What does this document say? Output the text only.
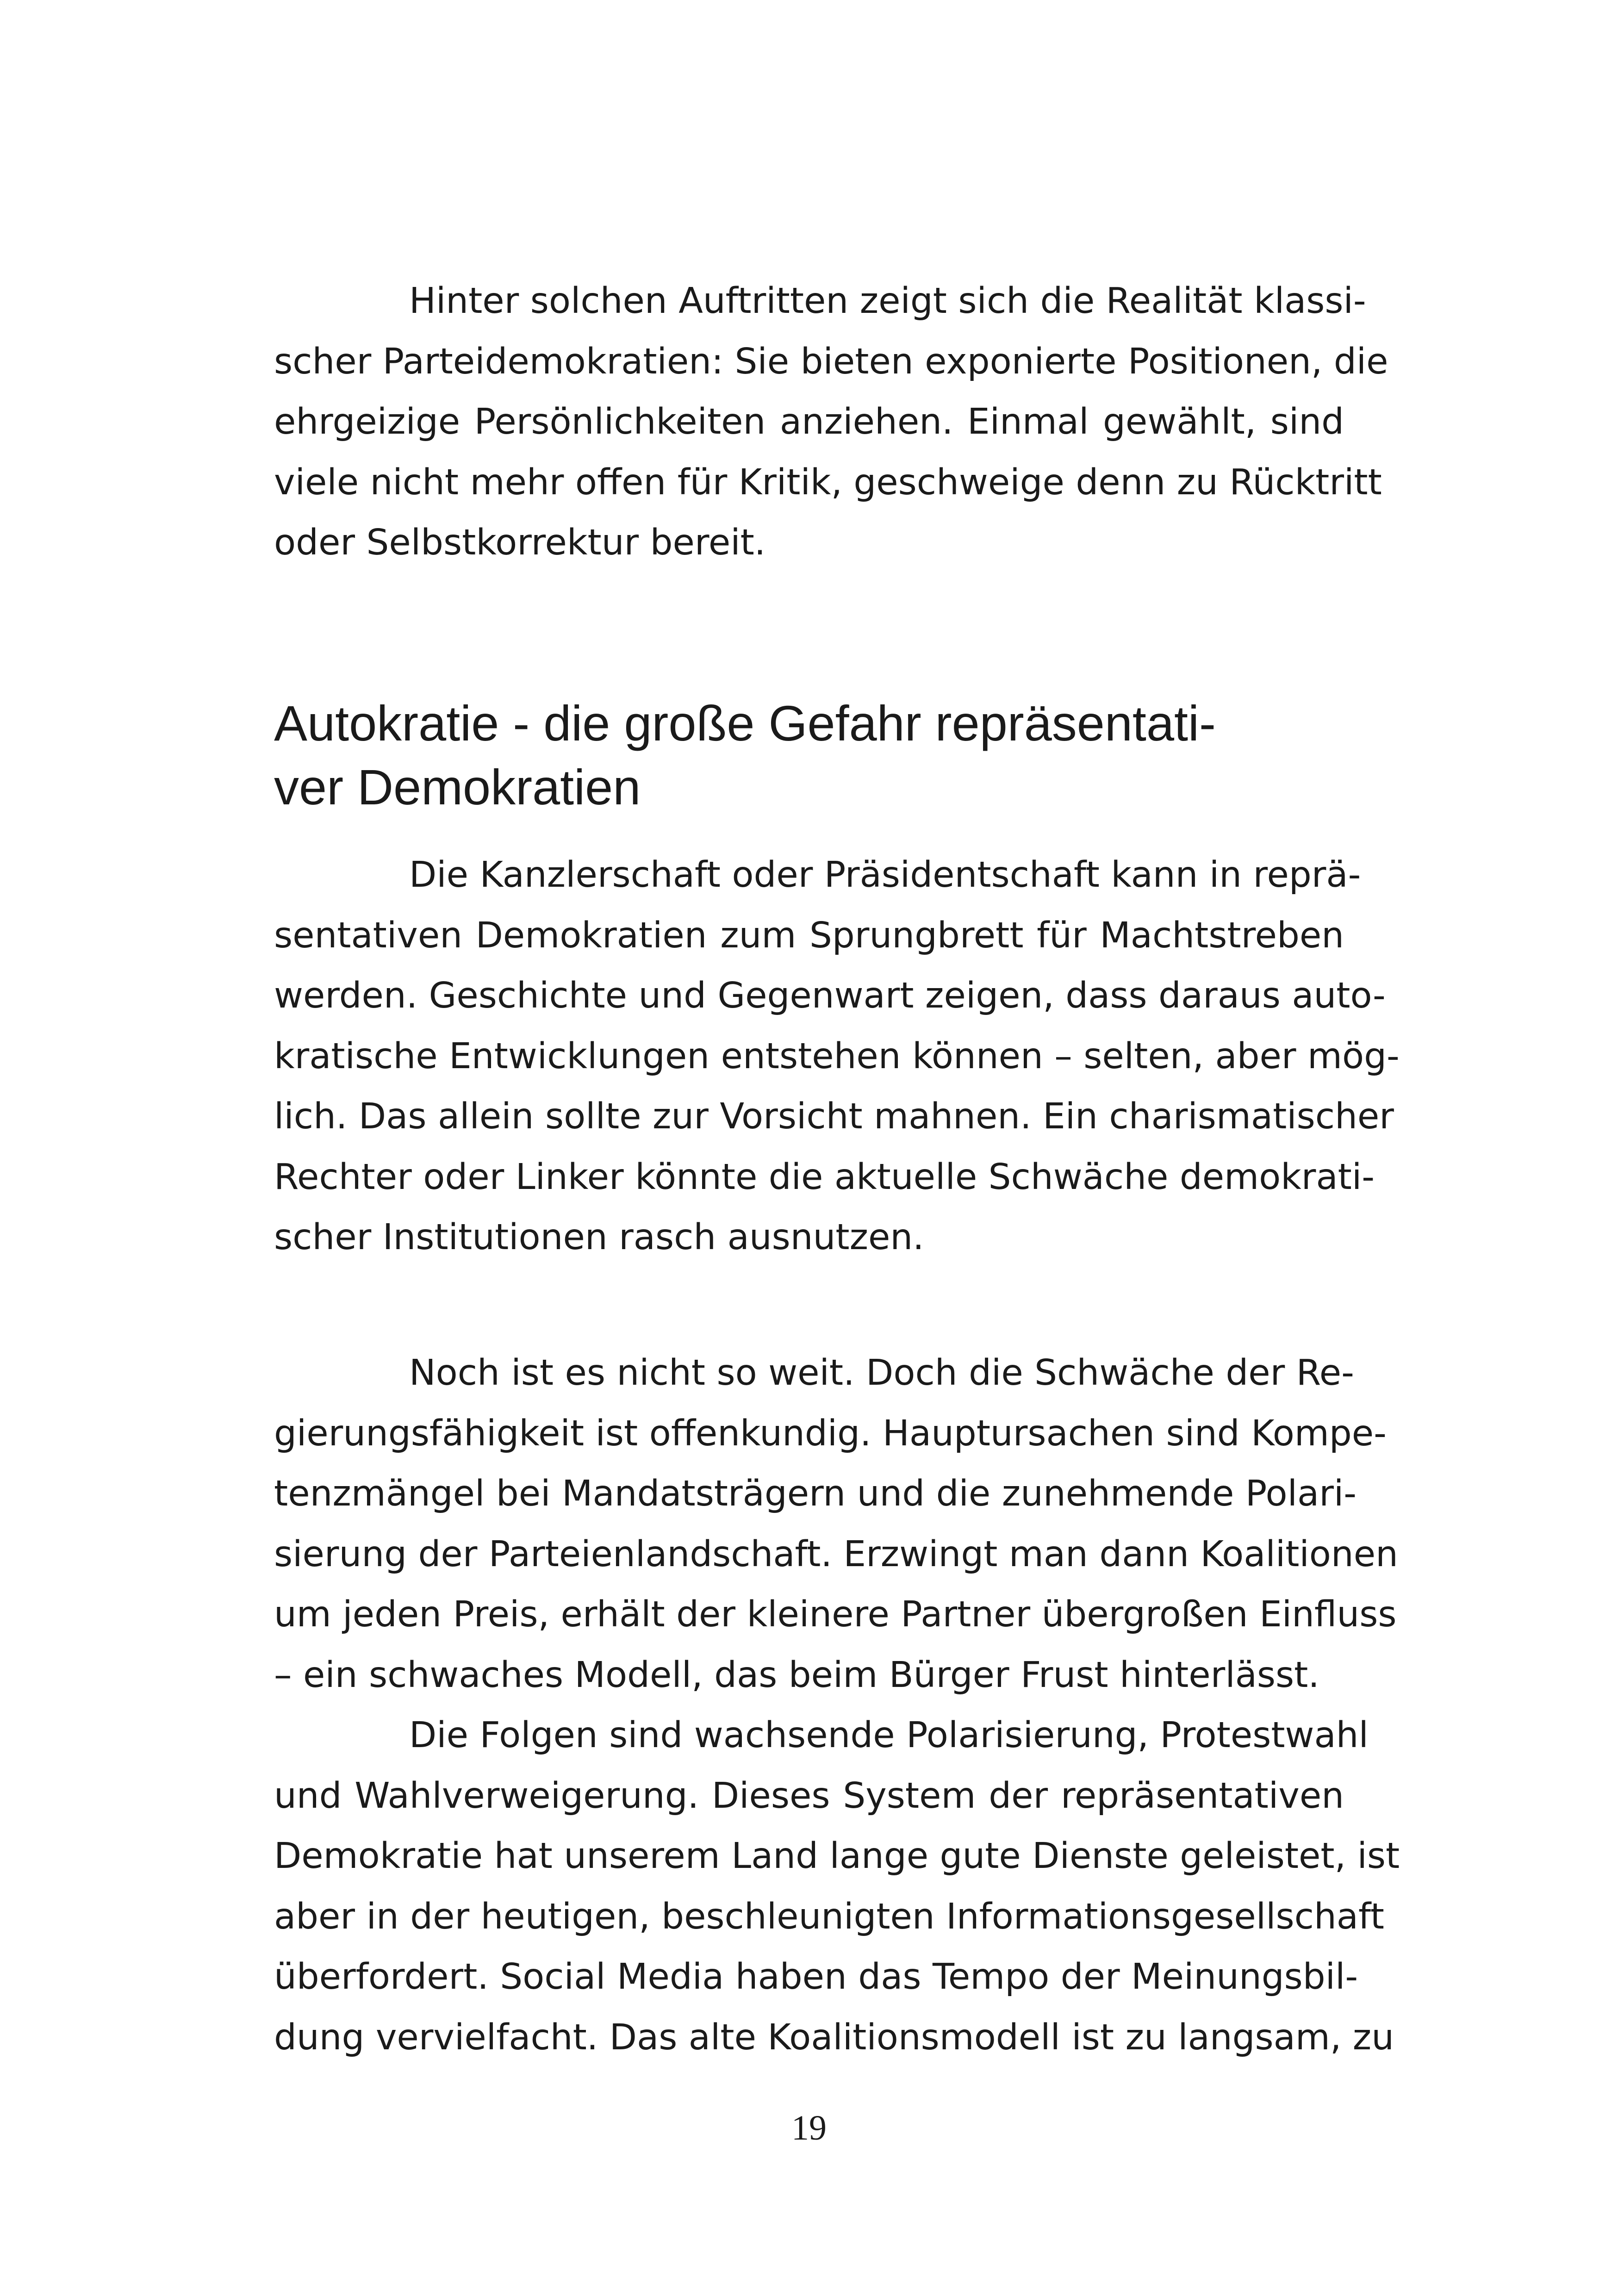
Hinter solchen Auftritten zeigt sich die Realität klassi-
scher Parteidemokratien: Sie bieten exponierte Positionen, die
ehrgeizige Persönlichkeiten anziehen. Einmal gewählt, sind
viele nicht mehr offen für Kritik, geschweige denn zu Rücktritt
oder Selbstkorrektur bereit.
Autokratie - die große Gefahr repräsentati-
ver Demokratien
Die Kanzlerschaft oder Präsidentschaft kann in reprä-
sentativen Demokratien zum Sprungbrett für Machtstreben
werden. Geschichte und Gegenwart zeigen, dass daraus auto-
kratische Entwicklungen entstehen können – selten, aber mög-
lich. Das allein sollte zur Vorsicht mahnen. Ein charismatischer
Rechter oder Linker könnte die aktuelle Schwäche demokrati-
scher Institutionen rasch ausnutzen.
Noch ist es nicht so weit. Doch die Schwäche der Re-
gierungsfähigkeit ist offenkundig. Hauptursachen sind Kompe-
tenzmängel bei Mandatsträgern und die zunehmende Polari-
sierung der Parteienlandschaft. Erzwingt man dann Koalitionen
um jeden Preis, erhält der kleinere Partner übergroßen Einfluss
– ein schwaches Modell, das beim Bürger Frust hinterlässt.
Die Folgen sind wachsende Polarisierung, Protestwahl
und Wahlverweigerung. Dieses System der repräsentativen
Demokratie hat unserem Land lange gute Dienste geleistet, ist
aber in der heutigen, beschleunigten Informationsgesellschaft
überfordert. Social Media haben das Tempo der Meinungsbil-
dung vervielfacht. Das alte Koalitionsmodell ist zu langsam, zu
19
